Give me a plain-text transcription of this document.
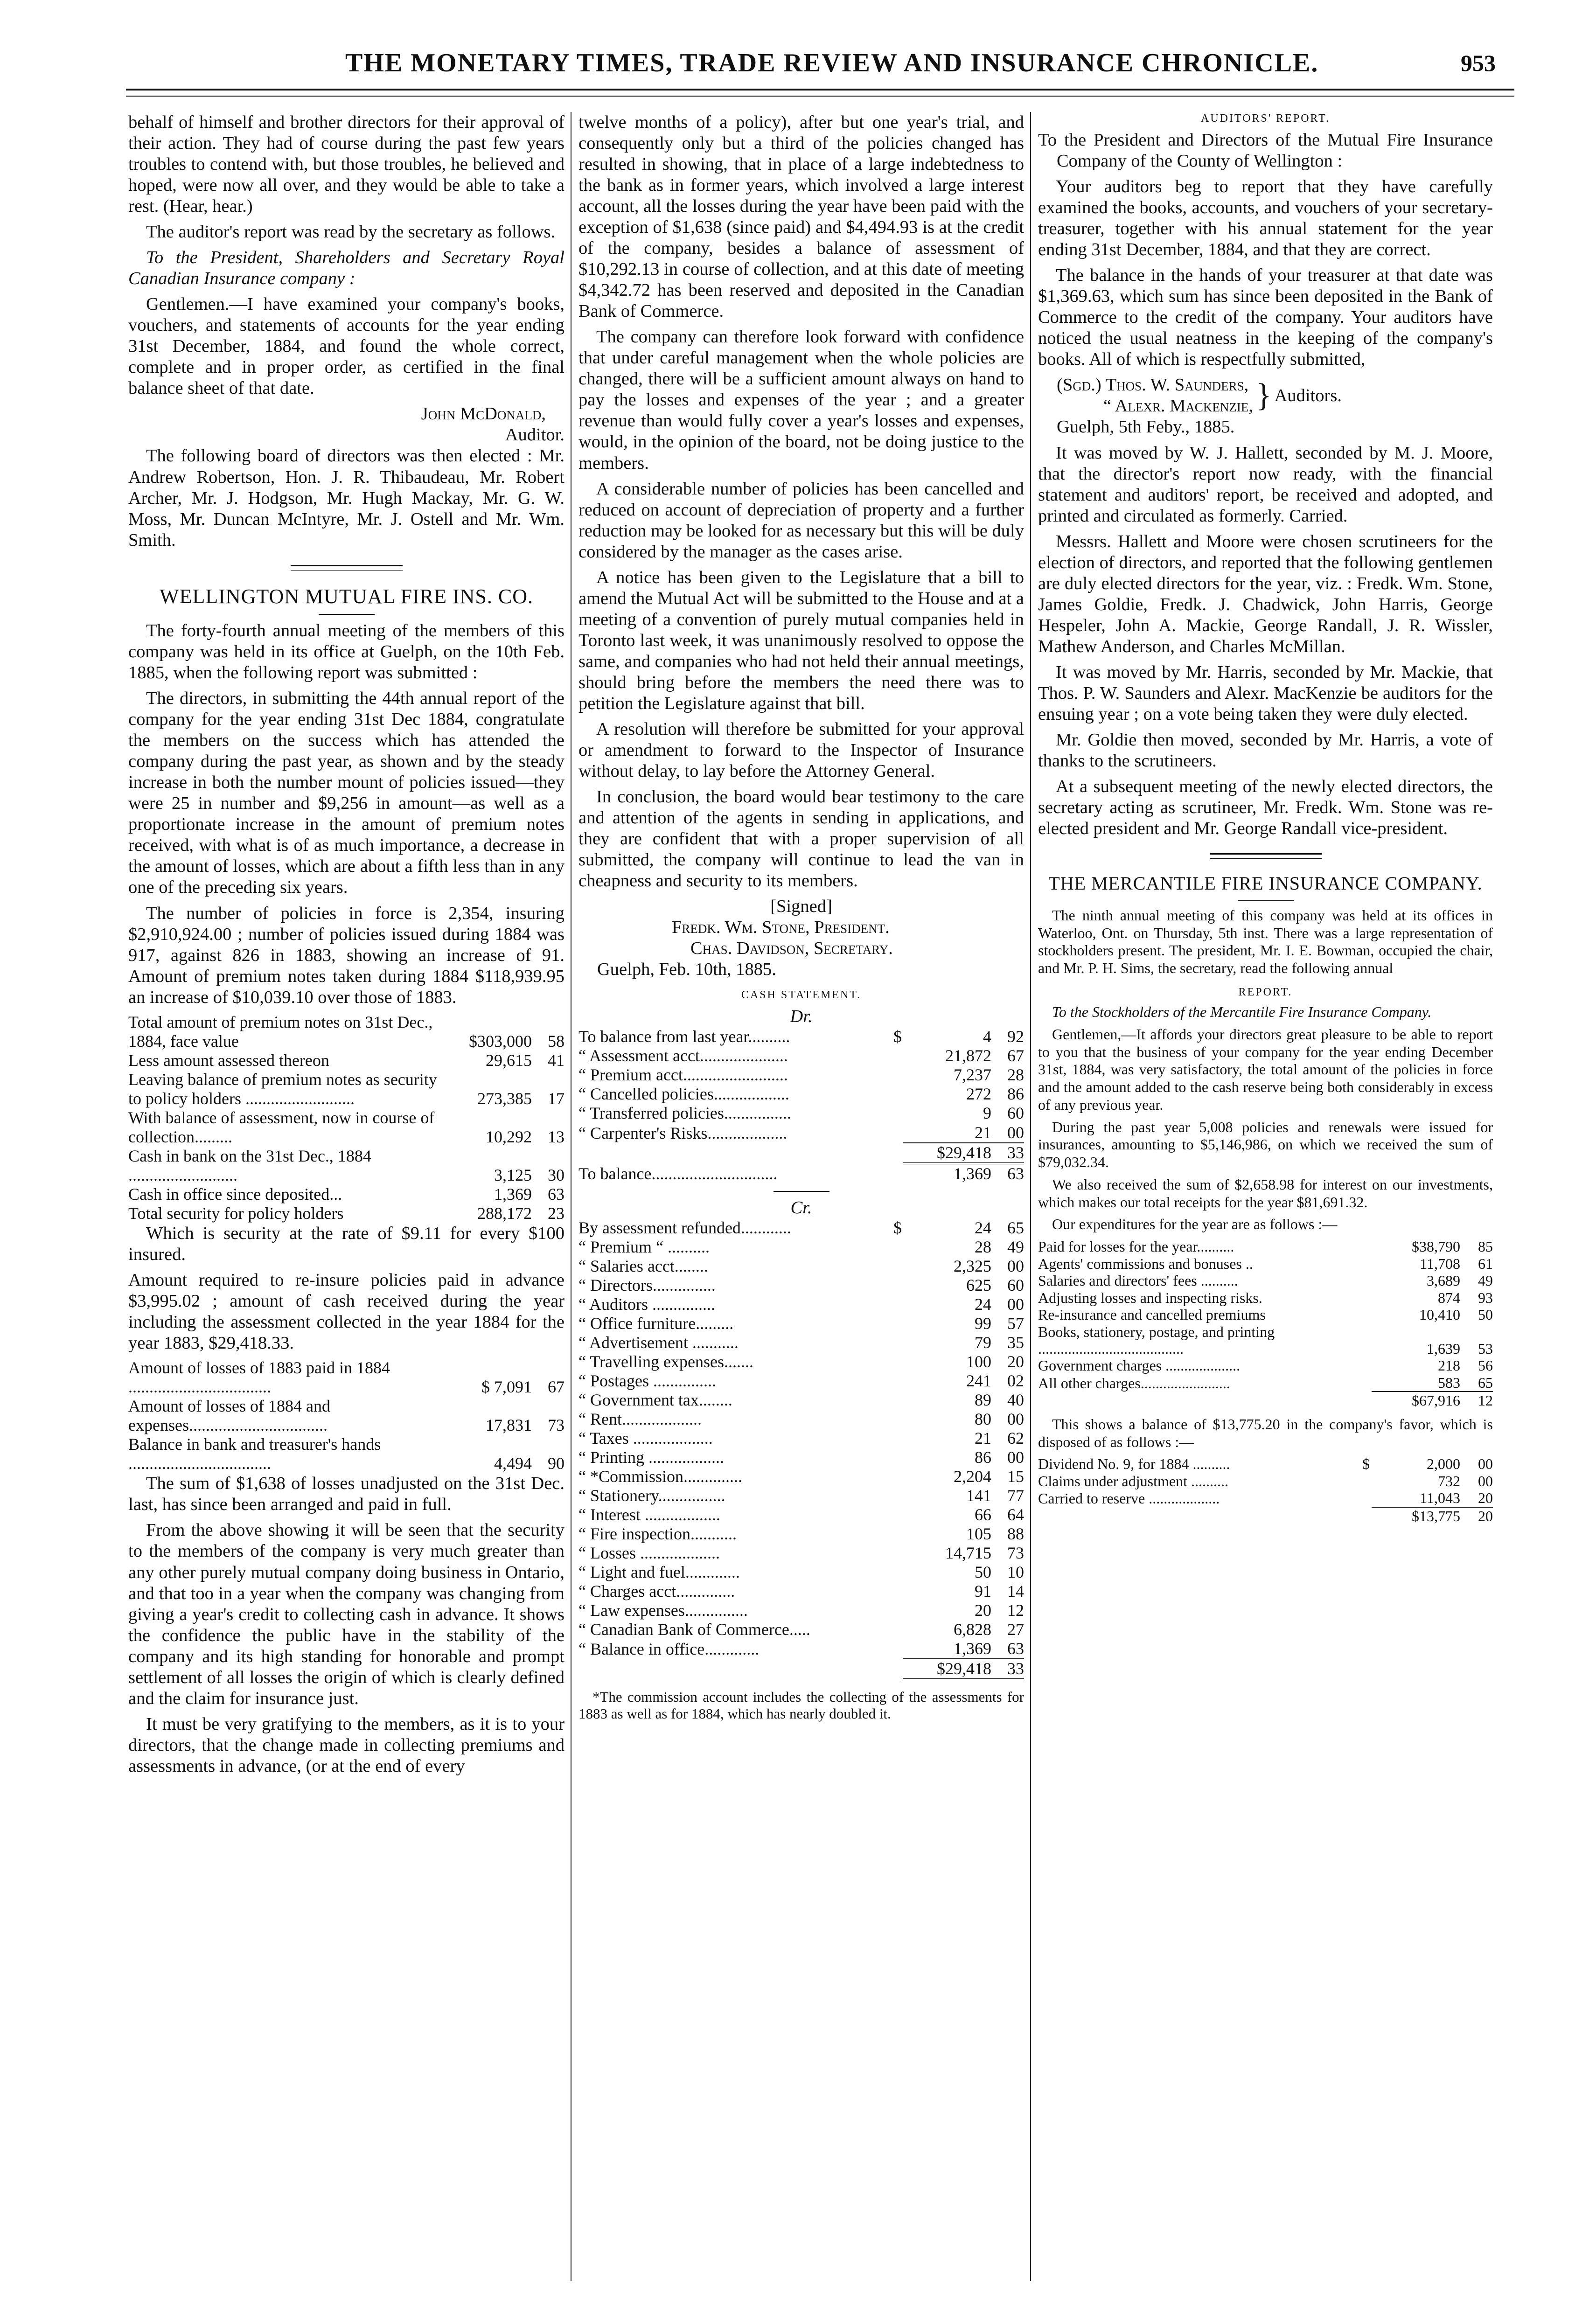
THE MONETARY TIMES, TRADE REVIEW AND INSURANCE CHRONICLE.	953

behalf of himself and brother directors for their approval of their action. They had of course during the past few years troubles to contend with, but those troubles, he believed and hoped, were now all over, and they would be able to take a rest. (Hear, hear.)

The auditor's report was read by the secretary as follows.

To the President, Shareholders and Secretary Royal Canadian Insurance company :

Gentlemen.—I have examined your company's books, vouchers, and statements of accounts for the year ending 31st December, 1884, and found the whole correct, complete and in proper order, as certified in the final balance sheet of that date.

John McDonald,
Auditor.

The following board of directors was then elected : Mr. Andrew Robertson, Hon. J. R. Thibaudeau, Mr. Robert Archer, Mr. J. Hodgson, Mr. Hugh Mackay, Mr. G. W. Moss, Mr. Duncan McIntyre, Mr. J. Ostell and Mr. Wm. Smith.

WELLINGTON MUTUAL FIRE INS. CO.

The forty-fourth annual meeting of the members of this company was held in its office at Guelph, on the 10th Feb. 1885, when the following report was submitted :

The directors, in submitting the 44th annual report of the company for the year ending 31st Dec 1884, congratulate the members on the success which has attended the company during the past year, as shown and by the steady increase in both the number mount of policies issued—they were 25 in number and $9,256 in amount—as well as a proportionate increase in the amount of premium notes received, with what is of as much importance, a decrease in the amount of losses, which are about a fifth less than in any one of the preceding six years.

The number of policies in force is 2,354, insuring $2,910,924.00 ; number of policies issued during 1884 was 917, against 826 in 1883, showing an increase of 91. Amount of premium notes taken during 1884 $118,939.95 an increase of $10,039.10 over those of 1883.

Total amount of premium notes on 31st Dec., 1884, face value	$303,000	58
Less amount assessed thereon	29,615	41
Leaving balance of premium notes as security to policy holders ..........................	273,385	17
With balance of assessment, now in course of collection.........	10,292	13
Cash in bank on the 31st Dec., 1884 ..........................	3,125	30
Cash in office since deposited...	1,369	63
Total security for policy holders	288,172	23

Which is security at the rate of $9.11 for every $100 insured.

Amount required to re-insure policies paid in advance $3,995.02 ; amount of cash received during the year including the assessment collected in the year 1884 for the year 1883, $29,418.33.

Amount of losses of 1883 paid in 1884 ..................................	$ 7,091	67
Amount of losses of 1884 and expenses.................................	17,831	73
Balance in bank and treasurer's hands ..................................	4,494	90

The sum of $1,638 of losses unadjusted on the 31st Dec. last, has since been arranged and paid in full.

From the above showing it will be seen that the security to the members of the company is very much greater than any other purely mutual company doing business in Ontario, and that too in a year when the company was changing from giving a year's credit to collecting cash in advance. It shows the confidence the public have in the stability of the company and its high standing for honorable and prompt settlement of all losses the origin of which is clearly defined and the claim for insurance just.

It must be very gratifying to the members, as it is to your directors, that the change made in collecting premiums and assessments in advance, (or at the end of every

twelve months of a policy), after but one year's trial, and consequently only but a third of the policies changed has resulted in showing, that in place of a large indebtedness to the bank as in former years, which involved a large interest account, all the losses during the year have been paid with the exception of $1,638 (since paid) and $4,494.93 is at the credit of the company, besides a balance of assessment of $10,292.13 in course of collection, and at this date of meeting $4,342.72 has been reserved and deposited in the Canadian Bank of Commerce.

The company can therefore look forward with confidence that under careful management when the whole policies are changed, there will be a sufficient amount always on hand to pay the losses and expenses of the year ; and a greater revenue than would fully cover a year's losses and expenses, would, in the opinion of the board, not be doing justice to the members.

A considerable number of policies has been cancelled and reduced on account of depreciation of property and a further reduction may be looked for as necessary but this will be duly considered by the manager as the cases arise.

A notice has been given to the Legislature that a bill to amend the Mutual Act will be submitted to the House and at a meeting of a convention of purely mutual companies held in Toronto last week, it was unanimously resolved to oppose the same, and companies who had not held their annual meetings, should bring before the members the need there was to petition the Legislature against that bill.

A resolution will therefore be submitted for your approval or amendment to forward to the Inspector of Insurance without delay, to lay before the Attorney General.

In conclusion, the board would bear testimony to the care and attention of the agents in sending in applications, and they are confident that with a proper supervision of all submitted, the company will continue to lead the van in cheapness and security to its members.

[Signed]
Fredk. Wm. Stone, President.
Chas. Davidson, Secretary.
Guelph, Feb. 10th, 1885.
CASH STATEMENT.
Dr.
To balance from last year..........	$	4	92
“ Assessment acct.....................		21,872	67
“ Premium acct.........................		7,237	28
“ Cancelled policies..................		272	86
“ Transferred policies................		9	60
“ Carpenter's Risks...................		21	00
		$29,418	33
To balance..............................		1,369	63
Cr.
By assessment refunded............	$	24	65
“ Premium “ ..........		28	49
“ Salaries acct........		2,325	00
“ Directors...............		625	60
“ Auditors ...............		24	00
“ Office furniture.........		99	57
“ Advertisement ...........		79	35
“ Travelling expenses.......		100	20
“ Postages ...............		241	02
“ Government tax........		89	40
“ Rent...................		80	00
“ Taxes ...................		21	62
“ Printing ..................		86	00
“ *Commission..............		2,204	15
“ Stationery................		141	77
“ Interest ..................		66	64
“ Fire inspection...........		105	88
“ Losses ...................		14,715	73
“ Light and fuel.............		50	10
“ Charges acct..............		91	14
“ Law expenses...............		20	12
“ Canadian Bank of Commerce.....		6,828	27
“ Balance in office.............		1,369	63
		$29,418	33

*The commission account includes the collecting of the assessments for 1883 as well as for 1884, which has nearly doubled it.

AUDITORS' REPORT.

To the President and Directors of the Mutual Fire Insurance Company of the County of Wellington :

Your auditors beg to report that they have carefully examined the books, accounts, and vouchers of your secretary-treasurer, together with his annual statement for the year ending 31st December, 1884, and that they are correct.

The balance in the hands of your treasurer at that date was $1,369.63, which sum has since been deposited in the Bank of Commerce to the credit of the company. Your auditors have noticed the usual neatness in the keeping of the company's books. All of which is respectfully submitted,

(Sgd.) Thos. W. Saunders,
“ Alexr. Mackenzie, } Auditors.
Guelph, 5th Feby., 1885.

It was moved by W. J. Hallett, seconded by M. J. Moore, that the director's report now ready, with the financial statement and auditors' report, be received and adopted, and printed and circulated as formerly. Carried.

Messrs. Hallett and Moore were chosen scrutineers for the election of directors, and reported that the following gentlemen are duly elected directors for the year, viz. : Fredk. Wm. Stone, James Goldie, Fredk. J. Chadwick, John Harris, George Hespeler, John A. Mackie, George Randall, J. R. Wissler, Mathew Anderson, and Charles McMillan.

It was moved by Mr. Harris, seconded by Mr. Mackie, that Thos. P. W. Saunders and Alexr. MacKenzie be auditors for the ensuing year ; on a vote being taken they were duly elected.

Mr. Goldie then moved, seconded by Mr. Harris, a vote of thanks to the scrutineers.

At a subsequent meeting of the newly elected directors, the secretary acting as scrutineer, Mr. Fredk. Wm. Stone was re-elected president and Mr. George Randall vice-president.

THE MERCANTILE FIRE INSURANCE COMPANY.

The ninth annual meeting of this company was held at its offices in Waterloo, Ont. on Thursday, 5th inst. There was a large representation of stockholders present. The president, Mr. I. E. Bowman, occupied the chair, and Mr. P. H. Sims, the secretary, read the following annual

REPORT.

To the Stockholders of the Mercantile Fire Insurance Company.

Gentlemen,—It affords your directors great pleasure to be able to report to you that the business of your company for the year ending December 31st, 1884, was very satisfactory, the total amount of the policies in force and the amount added to the cash reserve being both considerably in excess of any previous year.

During the past year 5,008 policies and renewals were issued for insurances, amounting to $5,146,986, on which we received the sum of $79,032.34.

We also received the sum of $2,658.98 for interest on our investments, which makes our total receipts for the year $81,691.32.

Our expenditures for the year are as follows :—

Paid for losses for the year..........	$38,790	85
Agents' commissions and bonuses ..	11,708	61
Salaries and directors' fees ..........	3,689	49
Adjusting losses and inspecting risks.	874	93
Re-insurance and cancelled premiums	10,410	50
Books, stationery, postage, and printing .......................................	1,639	53
Government charges ....................	218	56
All other charges........................	583	65
	$67,916	12

This shows a balance of $13,775.20 in the company's favor, which is disposed of as follows :—

Dividend No. 9, for 1884 ..........	$	2,000	00
Claims under adjustment ..........		732	00
Carried to reserve ...................		11,043	20
		$13,775	20
